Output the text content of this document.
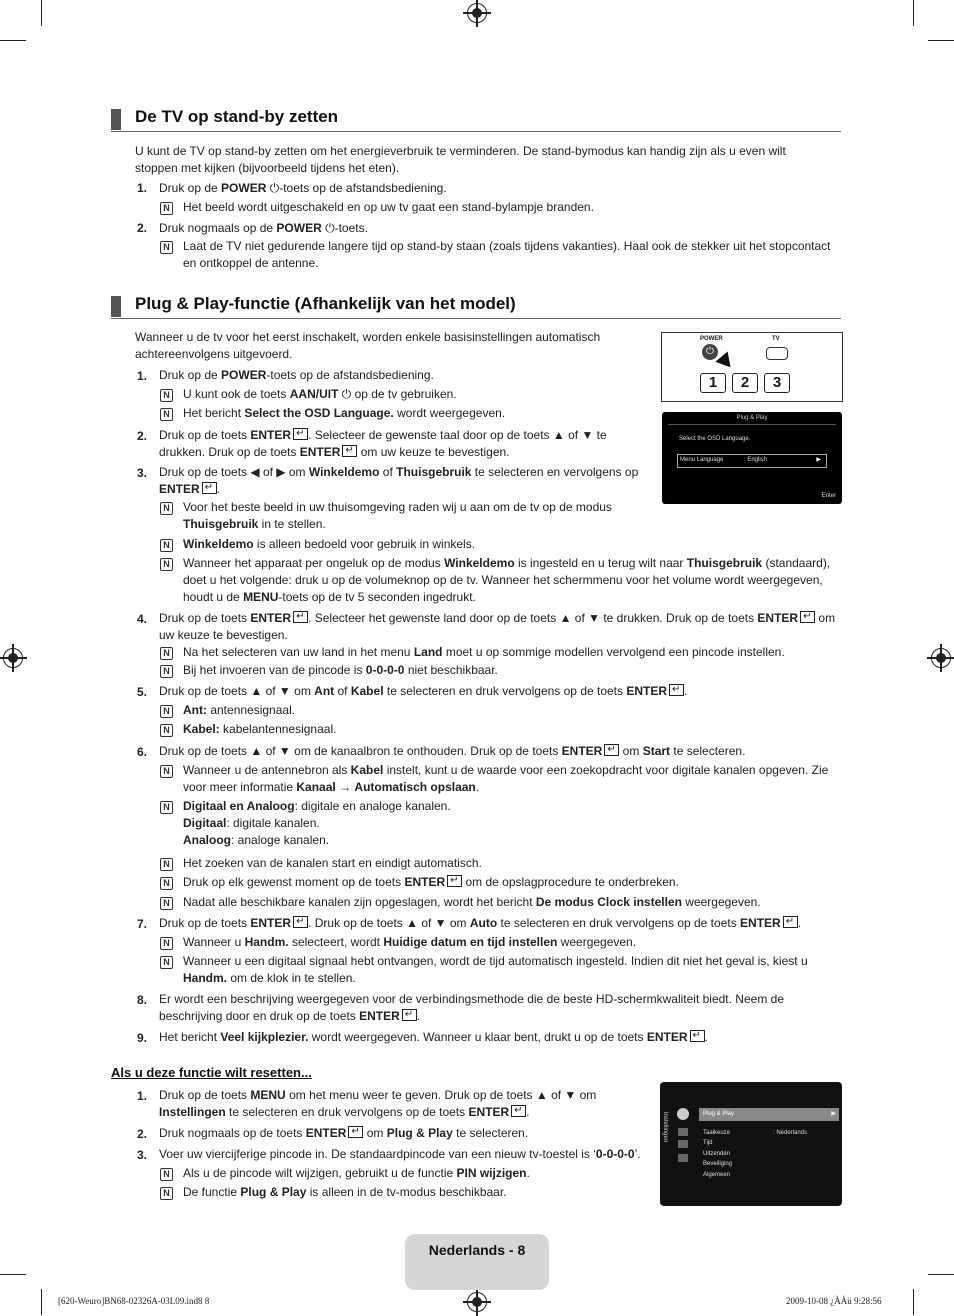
De TV op stand-by zetten
U kunt de TV op stand-by zetten om het energieverbruik te verminderen. De stand-bymodus kan handig zijn als u even wilt stoppen met kijken (bijvoorbeeld tijdens het eten).
1. Druk op de POWER ⏻-toets op de afstandsbediening.
N Het beeld wordt uitgeschakeld en op uw tv gaat een stand-bylampje branden.
2. Druk nogmaals op de POWER ⏻-toets.
N Laat de TV niet gedurende langere tijd op stand-by staan (zoals tijdens vakanties). Haal ook de stekker uit het stopcontact en ontkoppel de antenne.
Plug & Play-functie (Afhankelijk van het model)
Wanneer u de tv voor het eerst inschakelt, worden enkele basisinstellingen automatisch achtereenvolgens uitgevoerd.
POWER	TV
⏻
1	2	3
Plug & Play
Select the OSD Language.
Menu Language	: English	▶
Enter
1. Druk op de POWER-toets op de afstandsbediening.
N U kunt ook de toets AAN/UIT ⏻ op de tv gebruiken.
N Het bericht Select the OSD Language. wordt weergegeven.
2. Druk op de toets ENTER ↵ . Selecteer de gewenste taal door op de toets ▲ of ▼ te drukken. Druk op de toets ENTER↵ om uw keuze te bevestigen.
3. Druk op de toets ◀ of ▶ om Winkeldemo of Thuisgebruik te selecteren en vervolgens op ENTER ↵ .
N Voor het beste beeld in uw thuisomgeving raden wij u aan om de tv op de modus Thuisgebruik in te stellen.
N Winkeldemo is alleen bedoeld voor gebruik in winkels.
N Wanneer het apparaat per ongeluk op de modus Winkeldemo is ingesteld en u terug wilt naar Thuisgebruik (standaard), doet u het volgende: druk u op de volumeknop op de tv. Wanneer het schermmenu voor het volume wordt weergegeven, houdt u de MENU-toets op de tv 5 seconden ingedrukt.
4. Druk op de toets ENTER ↵ . Selecteer het gewenste land door op de toets ▲ of ▼ te drukken. Druk op de toets ENTER↵ om uw keuze te bevestigen.
N Na het selecteren van uw land in het menu Land moet u op sommige modellen vervolgend een pincode instellen.
N Bij het invoeren van de pincode is 0-0-0-0 niet beschikbaar.
5. Druk op de toets ▲ of ▼ om Ant of Kabel te selecteren en druk vervolgens op de toets ENTER ↵ .
N Ant: antennesignaal.
N Kabel: kabelantennesignaal.
6. Druk op de toets ▲ of ▼ om de kanaalbron te onthouden. Druk op de toets ENTER↵ om Start te selecteren.
N Wanneer u de antennebron als Kabel instelt, kunt u de waarde voor een zoekopdracht voor digitale kanalen opgeven. Zie voor meer informatie Kanaal → Automatisch opslaan.
N Digitaal en Analoog: digitale en analoge kanalen.
Digitaal: digitale kanalen.
Analoog: analoge kanalen.
N Het zoeken van de kanalen start en eindigt automatisch.
N Druk op elk gewenst moment op de toets ENTER↵ om de opslagprocedure te onderbreken.
N Nadat alle beschikbare kanalen zijn opgeslagen, wordt het bericht De modus Clock instellen weergegeven.
7. Druk op de toets ENTER ↵ . Druk op de toets ▲ of ▼ om Auto te selecteren en druk vervolgens op de toets ENTER ↵ .
N Wanneer u Handm. selecteert, wordt Huidige datum en tijd instellen weergegeven.
N Wanneer u een digitaal signaal hebt ontvangen, wordt de tijd automatisch ingesteld. Indien dit niet het geval is, kiest u Handm. om de klok in te stellen.
8. Er wordt een beschrijving weergegeven voor de verbindingsmethode die de beste HD-schermkwaliteit biedt. Neem de beschrijving door en druk op de toets ENTER ↵ .
9. Het bericht Veel kijkplezier. wordt weergegeven. Wanneer u klaar bent, drukt u op de toets ENTER ↵ .
Als u deze functie wilt resetten...
Instellingen	Plug & Play	▶
Taalkeuze	: Nederlands
Tijd
Uitzenden
Beveiliging
Algemeen
1. Druk op de toets MENU om het menu weer te geven. Druk op de toets ▲ of ▼ om Instellingen te selecteren en druk vervolgens op de toets ENTER ↵ .
2. Druk nogmaals op de toets ENTER↵ om Plug & Play te selecteren.
3. Voer uw viercijferige pincode in. De standaardpincode van een nieuw tv-toestel is ‘0-0-0-0’.
N Als u de pincode wilt wijzigen, gebruikt u de functie PIN wijzigen.
N De functie Plug & Play is alleen in de tv-modus beschikbaar.
Nederlands - 8
[620-Weuro]BN68-02326A-03L09.ind8 8	2009-10-08 ¿ÀÀü 9:28:56
